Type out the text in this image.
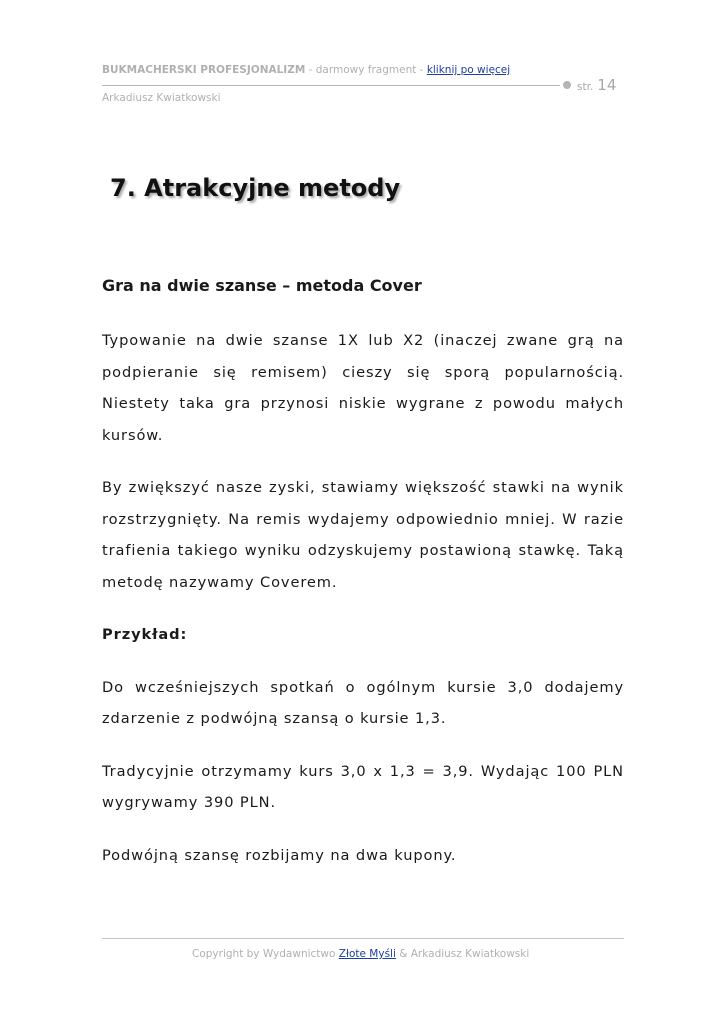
BUKMACHERSKI PROFESJONALIZM - darmowy fragment - kliknij po więcej
Arkadiusz Kwiatkowski
str. 14
7. Atrakcyjne metody
Gra na dwie szanse – metoda Cover

Typowanie na dwie szanse 1X lub X2 (inaczej zwane grą na podpieranie się remisem) cieszy się sporą popularnością. Niestety taka gra przynosi niskie wygrane z powodu małych kursów.

By zwiększyć nasze zyski, stawiamy większość stawki na wynik rozstrzygnięty. Na remis wydajemy odpowiednio mniej. W razie trafienia takiego wyniku odzyskujemy postawioną stawkę. Taką metodę nazywamy Coverem.

Przykład:

Do wcześniejszych spotkań o ogólnym kursie 3,0 dodajemy zdarzenie z podwójną szansą o kursie 1,3.

Tradycyjnie otrzymamy kurs 3,0 x 1,3 = 3,9. Wydając 100 PLN wygrywamy 390 PLN.

Podwójną szansę rozbijamy na dwa kupony.

Copyright by Wydawnictwo Złote Myśli & Arkadiusz Kwiatkowski
